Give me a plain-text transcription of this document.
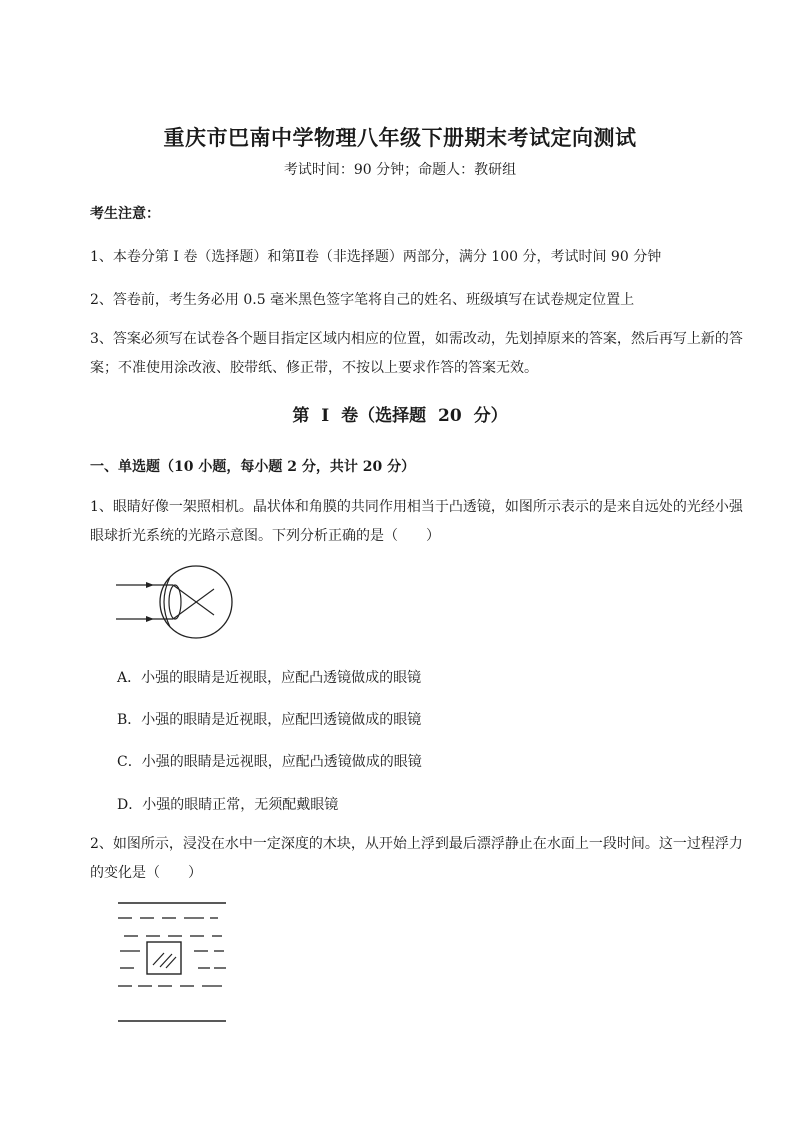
重庆市巴南中学物理八年级下册期末考试定向测试
考试时间：90 分钟；命题人：教研组
考生注意：
1、本卷分第 I 卷（选择题）和第Ⅱ卷（非选择题）两部分，满分 100 分，考试时间 90 分钟
2、答卷前，考生务必用 0.5 毫米黑色签字笔将自己的姓名、班级填写在试卷规定位置上
3、答案必须写在试卷各个题目指定区域内相应的位置，如需改动，先划掉原来的答案，然后再写上新的答案；不准使用涂改液、胶带纸、修正带，不按以上要求作答的答案无效。
第 I 卷（选择题 20 分）
一、单选题（10 小题，每小题 2 分，共计 20 分）
1、眼睛好像一架照相机。晶状体和角膜的共同作用相当于凸透镜，如图所示表示的是来自远处的光经小强眼球折光系统的光路示意图。下列分析正确的是（　　）
A．小强的眼睛是近视眼，应配凸透镜做成的眼镜
B．小强的眼睛是近视眼，应配凹透镜做成的眼镜
C．小强的眼睛是远视眼，应配凸透镜做成的眼镜
D．小强的眼睛正常，无须配戴眼镜
2、如图所示，浸没在水中一定深度的木块，从开始上浮到最后漂浮静止在水面上一段时间。这一过程浮力的变化是（　　）
